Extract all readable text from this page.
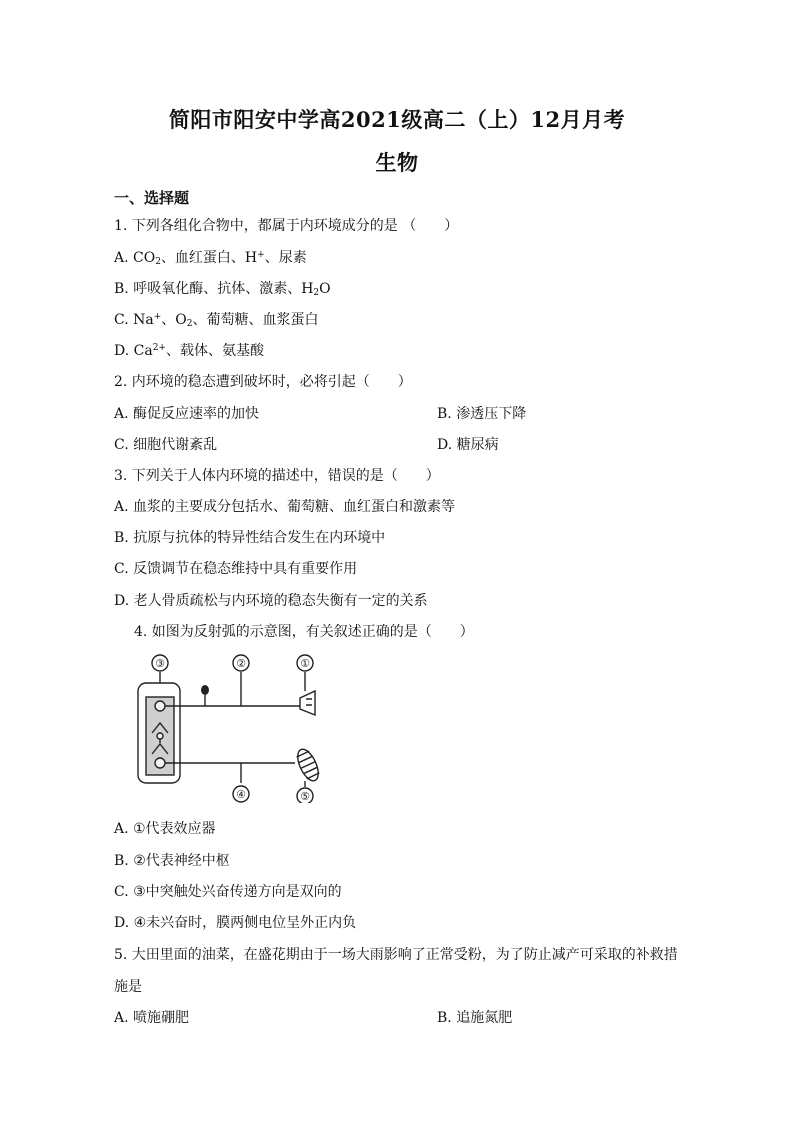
简阳市阳安中学高2021级高二（上）12月月考
生物
一、选择题
1. 下列各组化合物中，都属于内环境成分的是 （　　）
A. $CO_2$、血红蛋白、H+、尿素
B. 呼吸氧化酶、抗体、激素、$H_2O$
C. Na+、$O_2$、葡萄糖、血浆蛋白
D. $Ca^{2+}$、载体、氨基酸
2. 内环境的稳态遭到破坏时，必将引起（　　）
A. 酶促反应速率的加快	B. 渗透压下降
C. 细胞代谢紊乱	D. 糖尿病
3. 下列关于人体内环境的描述中，错误的是（　　）
A. 血浆的主要成分包括水、葡萄糖、血红蛋白和激素等
B. 抗原与抗体的特异性结合发生在内环境中
C. 反馈调节在稳态维持中具有重要作用
D. 老人骨质疏松与内环境的稳态失衡有一定的关系
4. 如图为反射弧的示意图，有关叙述正确的是（　　）
③	②	①
④	⑤
A. ①代表效应器
B. ②代表神经中枢
C. ③中突触处兴奋传递方向是双向的
D. ④未兴奋时，膜两侧电位呈外正内负
5. 大田里面的油菜，在盛花期由于一场大雨影响了正常受粉，为了防止减产可采取的补救措
施是
A. 喷施硼肥	B. 追施氮肥
